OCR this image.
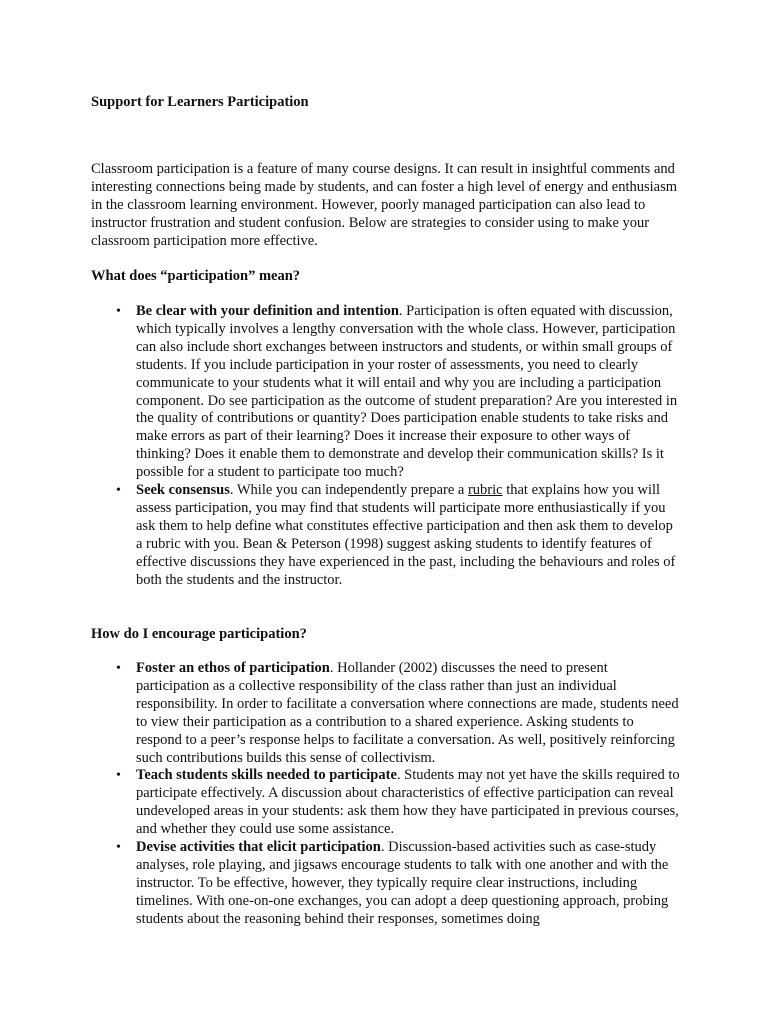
Support for Learners Participation

Classroom participation is a feature of many course designs. It can result in insightful comments and interesting connections being made by students, and can foster a high level of energy and enthusiasm in the classroom learning environment. However, poorly managed participation can also lead to instructor frustration and student confusion. Below are strategies to consider using to make your classroom participation more effective.

What does “participation” mean?
• Be clear with your definition and intention. Participation is often equated with discussion, which typically involves a lengthy conversation with the whole class. However, participation can also include short exchanges between instructors and students, or within small groups of students. If you include participation in your roster of assessments, you need to clearly communicate to your students what it will entail and why you are including a participation component. Do see participation as the outcome of student preparation? Are you interested in the quality of contributions or quantity? Does participation enable students to take risks and make errors as part of their learning? Does it increase their exposure to other ways of thinking? Does it enable them to demonstrate and develop their communication skills? Is it possible for a student to participate too much?
• Seek consensus. While you can independently prepare a rubric that explains how you will assess participation, you may find that students will participate more enthusiastically if you ask them to help define what constitutes effective participation and then ask them to develop a rubric with you. Bean & Peterson (1998) suggest asking students to identify features of effective discussions they have experienced in the past, including the behaviours and roles of both the students and the instructor.
How do I encourage participation?
• Foster an ethos of participation. Hollander (2002) discusses the need to present participation as a collective responsibility of the class rather than just an individual responsibility. In order to facilitate a conversation where connections are made, students need to view their participation as a contribution to a shared experience. Asking students to respond to a peer’s response helps to facilitate a conversation. As well, positively reinforcing such contributions builds this sense of collectivism.
• Teach students skills needed to participate. Students may not yet have the skills required to participate effectively. A discussion about characteristics of effective participation can reveal undeveloped areas in your students: ask them how they have participated in previous courses, and whether they could use some assistance.
• Devise activities that elicit participation. Discussion-based activities such as case-study analyses, role playing, and jigsaws encourage students to talk with one another and with the instructor. To be effective, however, they typically require clear instructions, including timelines. With one-on-one exchanges, you can adopt a deep questioning approach, probing students about the reasoning behind their responses, sometimes doing
